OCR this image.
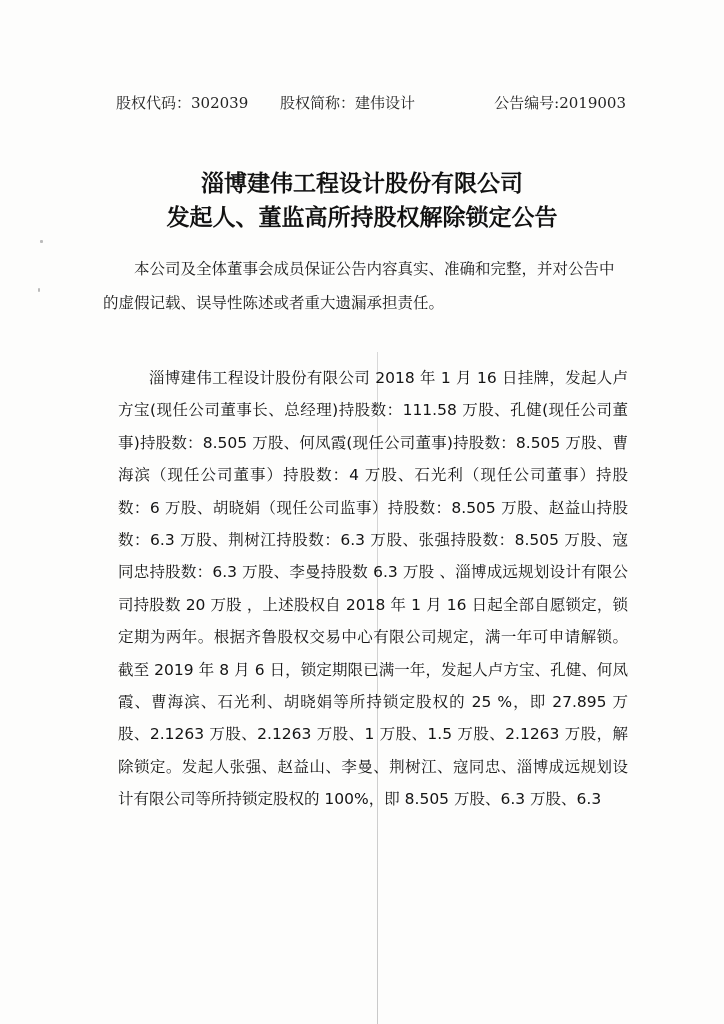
股权代码：302039 股权简称：建伟设计	公告编号:2019003
淄博建伟工程设计股份有限公司
发起人、董监高所持股权解除锁定公告

本公司及全体董事会成员保证公告内容真实、准确和完整，并对公告中的虚假记载、误导性陈述或者重大遗漏承担责任。

淄博建伟工程设计股份有限公司 2018 年 1 月 16 日挂牌，发起人卢方宝(现任公司董事长、总经理)持股数：111.58 万股、孔健(现任公司董事)持股数：8.505 万股、何凤霞(现任公司董事)持股数：8.505 万股、曹海滨（现任公司董事）持股数：4 万股、石光利（现任公司董事）持股数：6 万股、胡晓娟（现任公司监事）持股数：8.505 万股、赵益山持股数：6.3 万股、荆树江持股数：6.3 万股、张强持股数：8.505 万股、寇同忠持股数：6.3 万股、李曼持股数 6.3 万股 、淄博成远规划设计有限公司持股数 20 万股 ，上述股权自 2018 年 1 月 16 日起全部自愿锁定，锁定期为两年。根据齐鲁股权交易中心有限公司规定，满一年可申请解锁。截至 2019 年 8 月 6 日，锁定期限已满一年，发起人卢方宝、孔健、何凤霞、曹海滨、石光利、胡晓娟等所持锁定股权的 25 %，即 27.895 万股、2.1263 万股、2.1263 万股、1 万股、1.5 万股、2.1263 万股，解除锁定。发起人张强、赵益山、李曼、荆树江、寇同忠、淄博成远规划设计有限公司等所持锁定股权的 100%，即 8.505 万股、6.3 万股、6.3
